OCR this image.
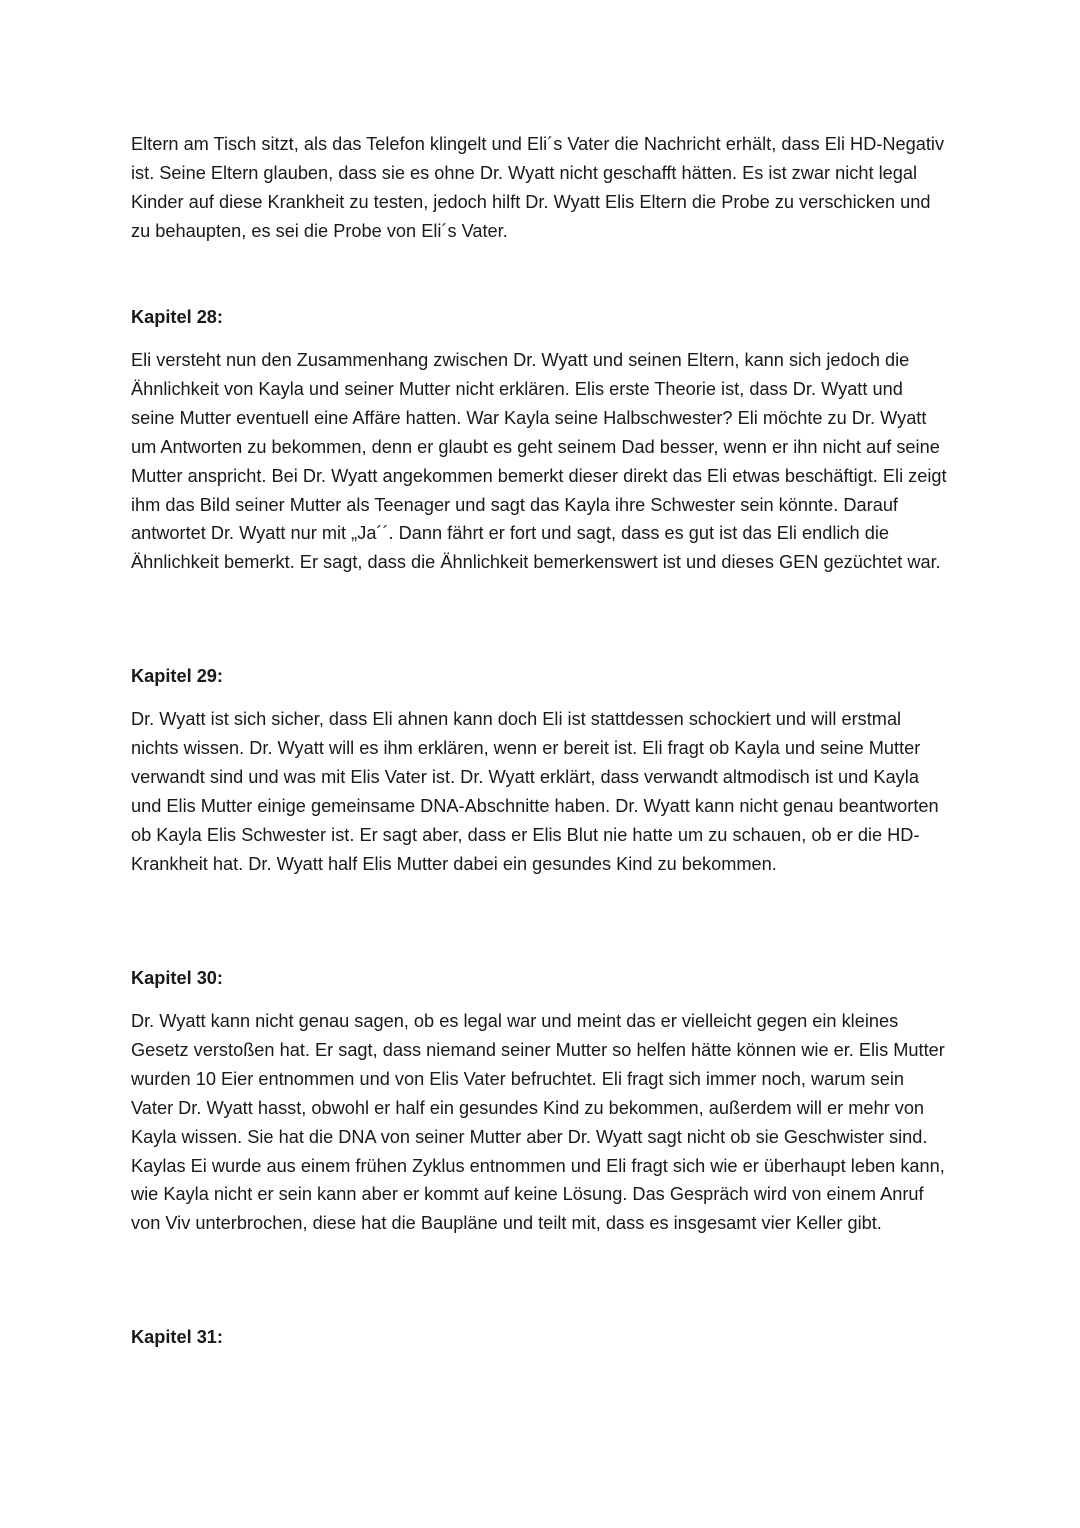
Eltern am Tisch sitzt, als das Telefon klingelt und Eli´s Vater die Nachricht erhält, dass Eli HD-Negativ ist. Seine Eltern glauben, dass sie es ohne Dr. Wyatt nicht geschafft hätten. Es ist zwar nicht legal Kinder auf diese Krankheit zu testen, jedoch hilft Dr. Wyatt Elis Eltern die Probe zu verschicken und zu behaupten, es sei die Probe von Eli´s Vater.

Kapitel 28:

Eli versteht nun den Zusammenhang zwischen Dr. Wyatt und seinen Eltern, kann sich jedoch die Ähnlichkeit von Kayla und seiner Mutter nicht erklären. Elis erste Theorie ist, dass Dr. Wyatt und seine Mutter eventuell eine Affäre hatten. War Kayla seine Halbschwester? Eli möchte zu Dr. Wyatt um Antworten zu bekommen, denn er glaubt es geht seinem Dad besser, wenn er ihn nicht auf seine Mutter anspricht. Bei Dr. Wyatt angekommen bemerkt dieser direkt das Eli etwas beschäftigt. Eli zeigt ihm das Bild seiner Mutter als Teenager und sagt das Kayla ihre Schwester sein könnte. Darauf antwortet Dr. Wyatt nur mit „Ja´´. Dann fährt er fort und sagt, dass es gut ist das Eli endlich die Ähnlichkeit bemerkt. Er sagt, dass die Ähnlichkeit bemerkenswert ist und dieses GEN gezüchtet war.

Kapitel 29:

Dr. Wyatt ist sich sicher, dass Eli ahnen kann doch Eli ist stattdessen schockiert und will erstmal nichts wissen. Dr. Wyatt will es ihm erklären, wenn er bereit ist. Eli fragt ob Kayla und seine Mutter verwandt sind und was mit Elis Vater ist. Dr. Wyatt erklärt, dass verwandt altmodisch ist und Kayla und Elis Mutter einige gemeinsame DNA-Abschnitte haben. Dr. Wyatt kann nicht genau beantworten ob Kayla Elis Schwester ist. Er sagt aber, dass er Elis Blut nie hatte um zu schauen, ob er die HD-Krankheit hat. Dr. Wyatt half Elis Mutter dabei ein gesundes Kind zu bekommen.

Kapitel 30:

Dr. Wyatt kann nicht genau sagen, ob es legal war und meint das er vielleicht gegen ein kleines Gesetz verstoßen hat. Er sagt, dass niemand seiner Mutter so helfen hätte können wie er. Elis Mutter wurden 10 Eier entnommen und von Elis Vater befruchtet. Eli fragt sich immer noch, warum sein Vater Dr. Wyatt hasst, obwohl er half ein gesundes Kind zu bekommen, außerdem will er mehr von Kayla wissen. Sie hat die DNA von seiner Mutter aber Dr. Wyatt sagt nicht ob sie Geschwister sind. Kaylas Ei wurde aus einem frühen Zyklus entnommen und Eli fragt sich wie er überhaupt leben kann, wie Kayla nicht er sein kann aber er kommt auf keine Lösung. Das Gespräch wird von einem Anruf von Viv unterbrochen, diese hat die Baupläne und teilt mit, dass es insgesamt vier Keller gibt.

Kapitel 31:
